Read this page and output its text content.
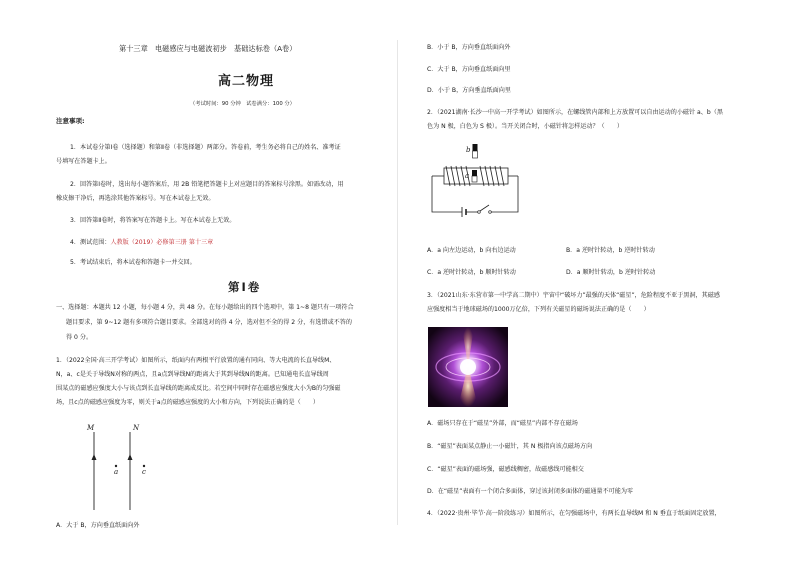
第十三章　电磁感应与电磁波初步　基础达标卷（A卷）
高二物理
（考试时间：90 分钟　试卷满分：100 分）
注意事项:
1．本试卷分第Ⅰ卷（选择题）和第Ⅱ卷（非选择题）两部分。答卷前，考生务必将自己的姓名、准考证
号填写在答题卡上。
2．回答第Ⅰ卷时，选出每小题答案后，用 2B 铅笔把答题卡上对应题目的答案标号涂黑。如需改动，用
橡皮擦干净后，再选涂其他答案标号。写在本试卷上无效。
3．回答第Ⅱ卷时，将答案写在答题卡上。写在本试卷上无效。
4．测试范围：人教版（2019）必修第三册 第十三章
5．考试结束后，将本试卷和答题卡一并交回。
第Ⅰ卷
一、选择题：本题共 12 小题，每小题 4 分，共 48 分。在每小题给出的四个选项中，第 1~8 题只有一项符合
题目要求，第 9~12 题有多项符合题目要求。全部选对的得 4 分，选对但不全的得 2 分，有选错或不答的
得 0 分。
1．（2022全国·高三开学考试）如图所示，纸面内有两根平行放置的通有同向、等大电流的长直导线M、
N，a、c是关于导线N对称的两点，且a点到导线N的距离大于其到导线N的距离。已知通电长直导线周
围某点的磁感应强度大小与该点到长直导线的距离成反比。若空间中同时存在磁感应强度大小为B的匀强磁
场，且c点的磁感应强度为零，则关于a点的磁感应强度的大小和方向，下列说法正确的是（　　）
M	N
a	c
A．大于 B，方向垂直纸面向外
B．小于 B，方向垂直纸面向外
C．大于 B，方向垂直纸面向里
D．小于 B，方向垂直纸面向里
2．（2021湖南·长沙一中高一开学考试）如图所示，在螺线管内部和上方放置可以自由运动的小磁针 a、b（黑
色为 N 极，白色为 S 极）。当开关闭合时，小磁针将怎样运动？（　　）
b
a
A．a 向左边运动，b 向右边运动	B．a 逆时针转动，b 逆时针转动
C．a 逆时针转动，b 顺时针转动	D．a 顺时针转动，b 逆时针转动
3．（2021山东·东营市第一中学高二期中）宇宙中“破坏力”最强的天体“磁星”，危险程度不亚于黑洞，其磁感
应强度相当于地球磁场的1000万亿倍，下列有关磁星的磁场说法正确的是（　　）
A．磁场只存在于“磁星”外部，而“磁星”内部不存在磁场
B．“磁星”表面某点静止一小磁针，其 N 极指向该点磁场方向
C．“磁星”表面的磁场强，磁感线稠密，故磁感线可能相交
D．在“磁星”表面有一个闭合多面体，穿过该封闭多面体的磁通量不可能为零
4．（2022·贵州·毕节·高一阶段练习）如图所示，在匀强磁场中，有两长直导线M 和 N 垂直于纸面固定放置，
